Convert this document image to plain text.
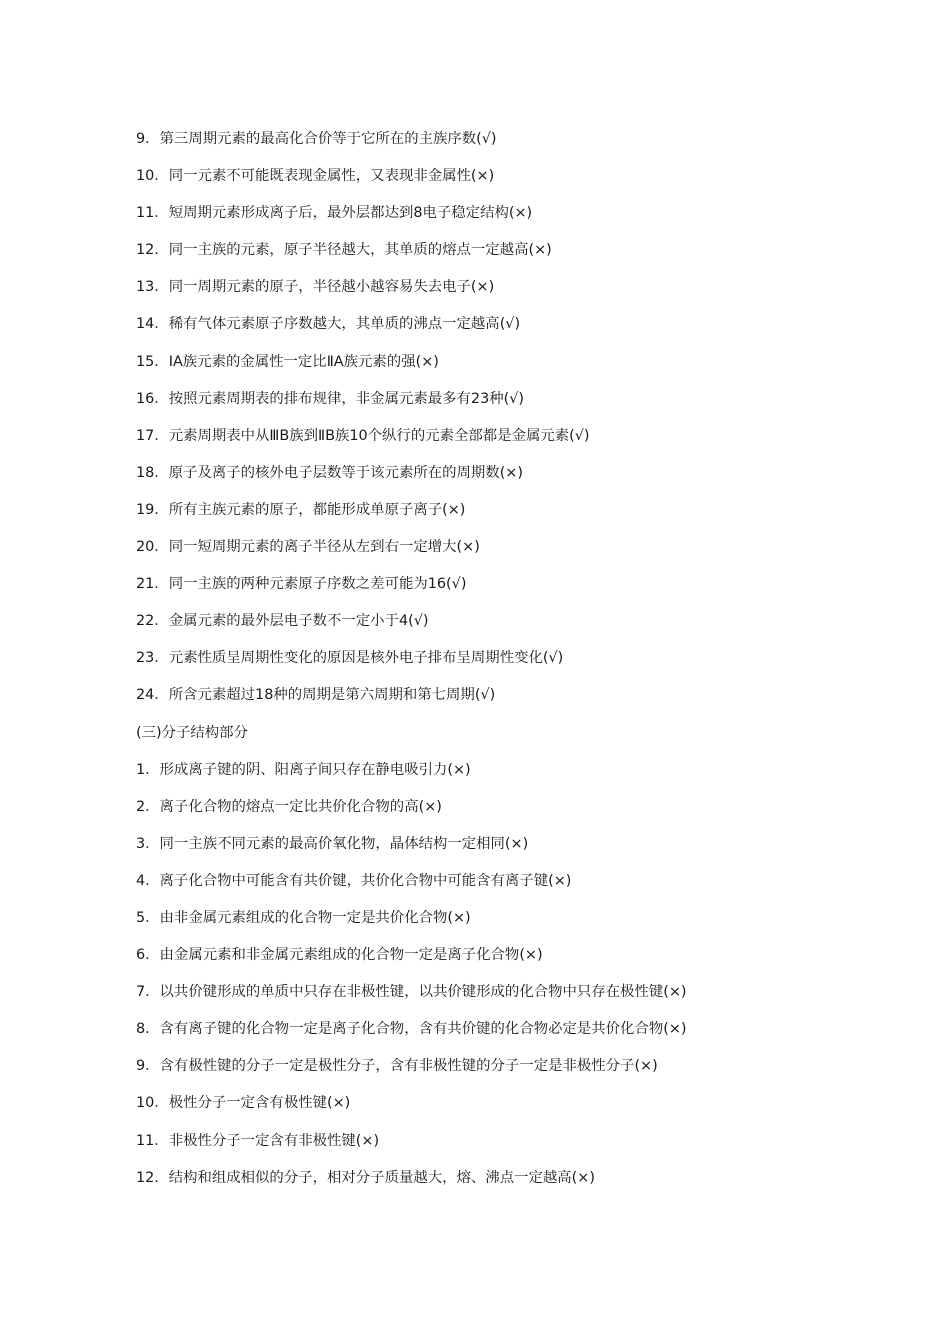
9．第三周期元素的最高化合价等于它所在的主族序数(√)
10．同一元素不可能既表现金属性，又表现非金属性(×)
11．短周期元素形成离子后，最外层都达到8电子稳定结构(×)
12．同一主族的元素，原子半径越大，其单质的熔点一定越高(×)
13．同一周期元素的原子，半径越小越容易失去电子(×)
14．稀有气体元素原子序数越大，其单质的沸点一定越高(√)
15．ⅠA族元素的金属性一定比ⅡA族元素的强(×)
16．按照元素周期表的排布规律，非金属元素最多有23种(√)
17．元素周期表中从ⅢB族到ⅡB族10个纵行的元素全部都是金属元素(√)
18．原子及离子的核外电子层数等于该元素所在的周期数(×)
19．所有主族元素的原子，都能形成单原子离子(×)
20．同一短周期元素的离子半径从左到右一定增大(×)
21．同一主族的两种元素原子序数之差可能为16(√)
22．金属元素的最外层电子数不一定小于4(√)
23．元素性质呈周期性变化的原因是核外电子排布呈周期性变化(√)
24．所含元素超过18种的周期是第六周期和第七周期(√)
(三)分子结构部分
1．形成离子键的阴、阳离子间只存在静电吸引力(×)
2．离子化合物的熔点一定比共价化合物的高(×)
3．同一主族不同元素的最高价氧化物，晶体结构一定相同(×)
4．离子化合物中可能含有共价键，共价化合物中可能含有离子键(×)
5．由非金属元素组成的化合物一定是共价化合物(×)
6．由金属元素和非金属元素组成的化合物一定是离子化合物(×)
7．以共价键形成的单质中只存在非极性键，以共价键形成的化合物中只存在极性键(×)
8．含有离子键的化合物一定是离子化合物，含有共价键的化合物必定是共价化合物(×)
9．含有极性键的分子一定是极性分子，含有非极性键的分子一定是非极性分子(×)
10．极性分子一定含有极性键(×)
11．非极性分子一定含有非极性键(×)
12．结构和组成相似的分子，相对分子质量越大，熔、沸点一定越高(×)
